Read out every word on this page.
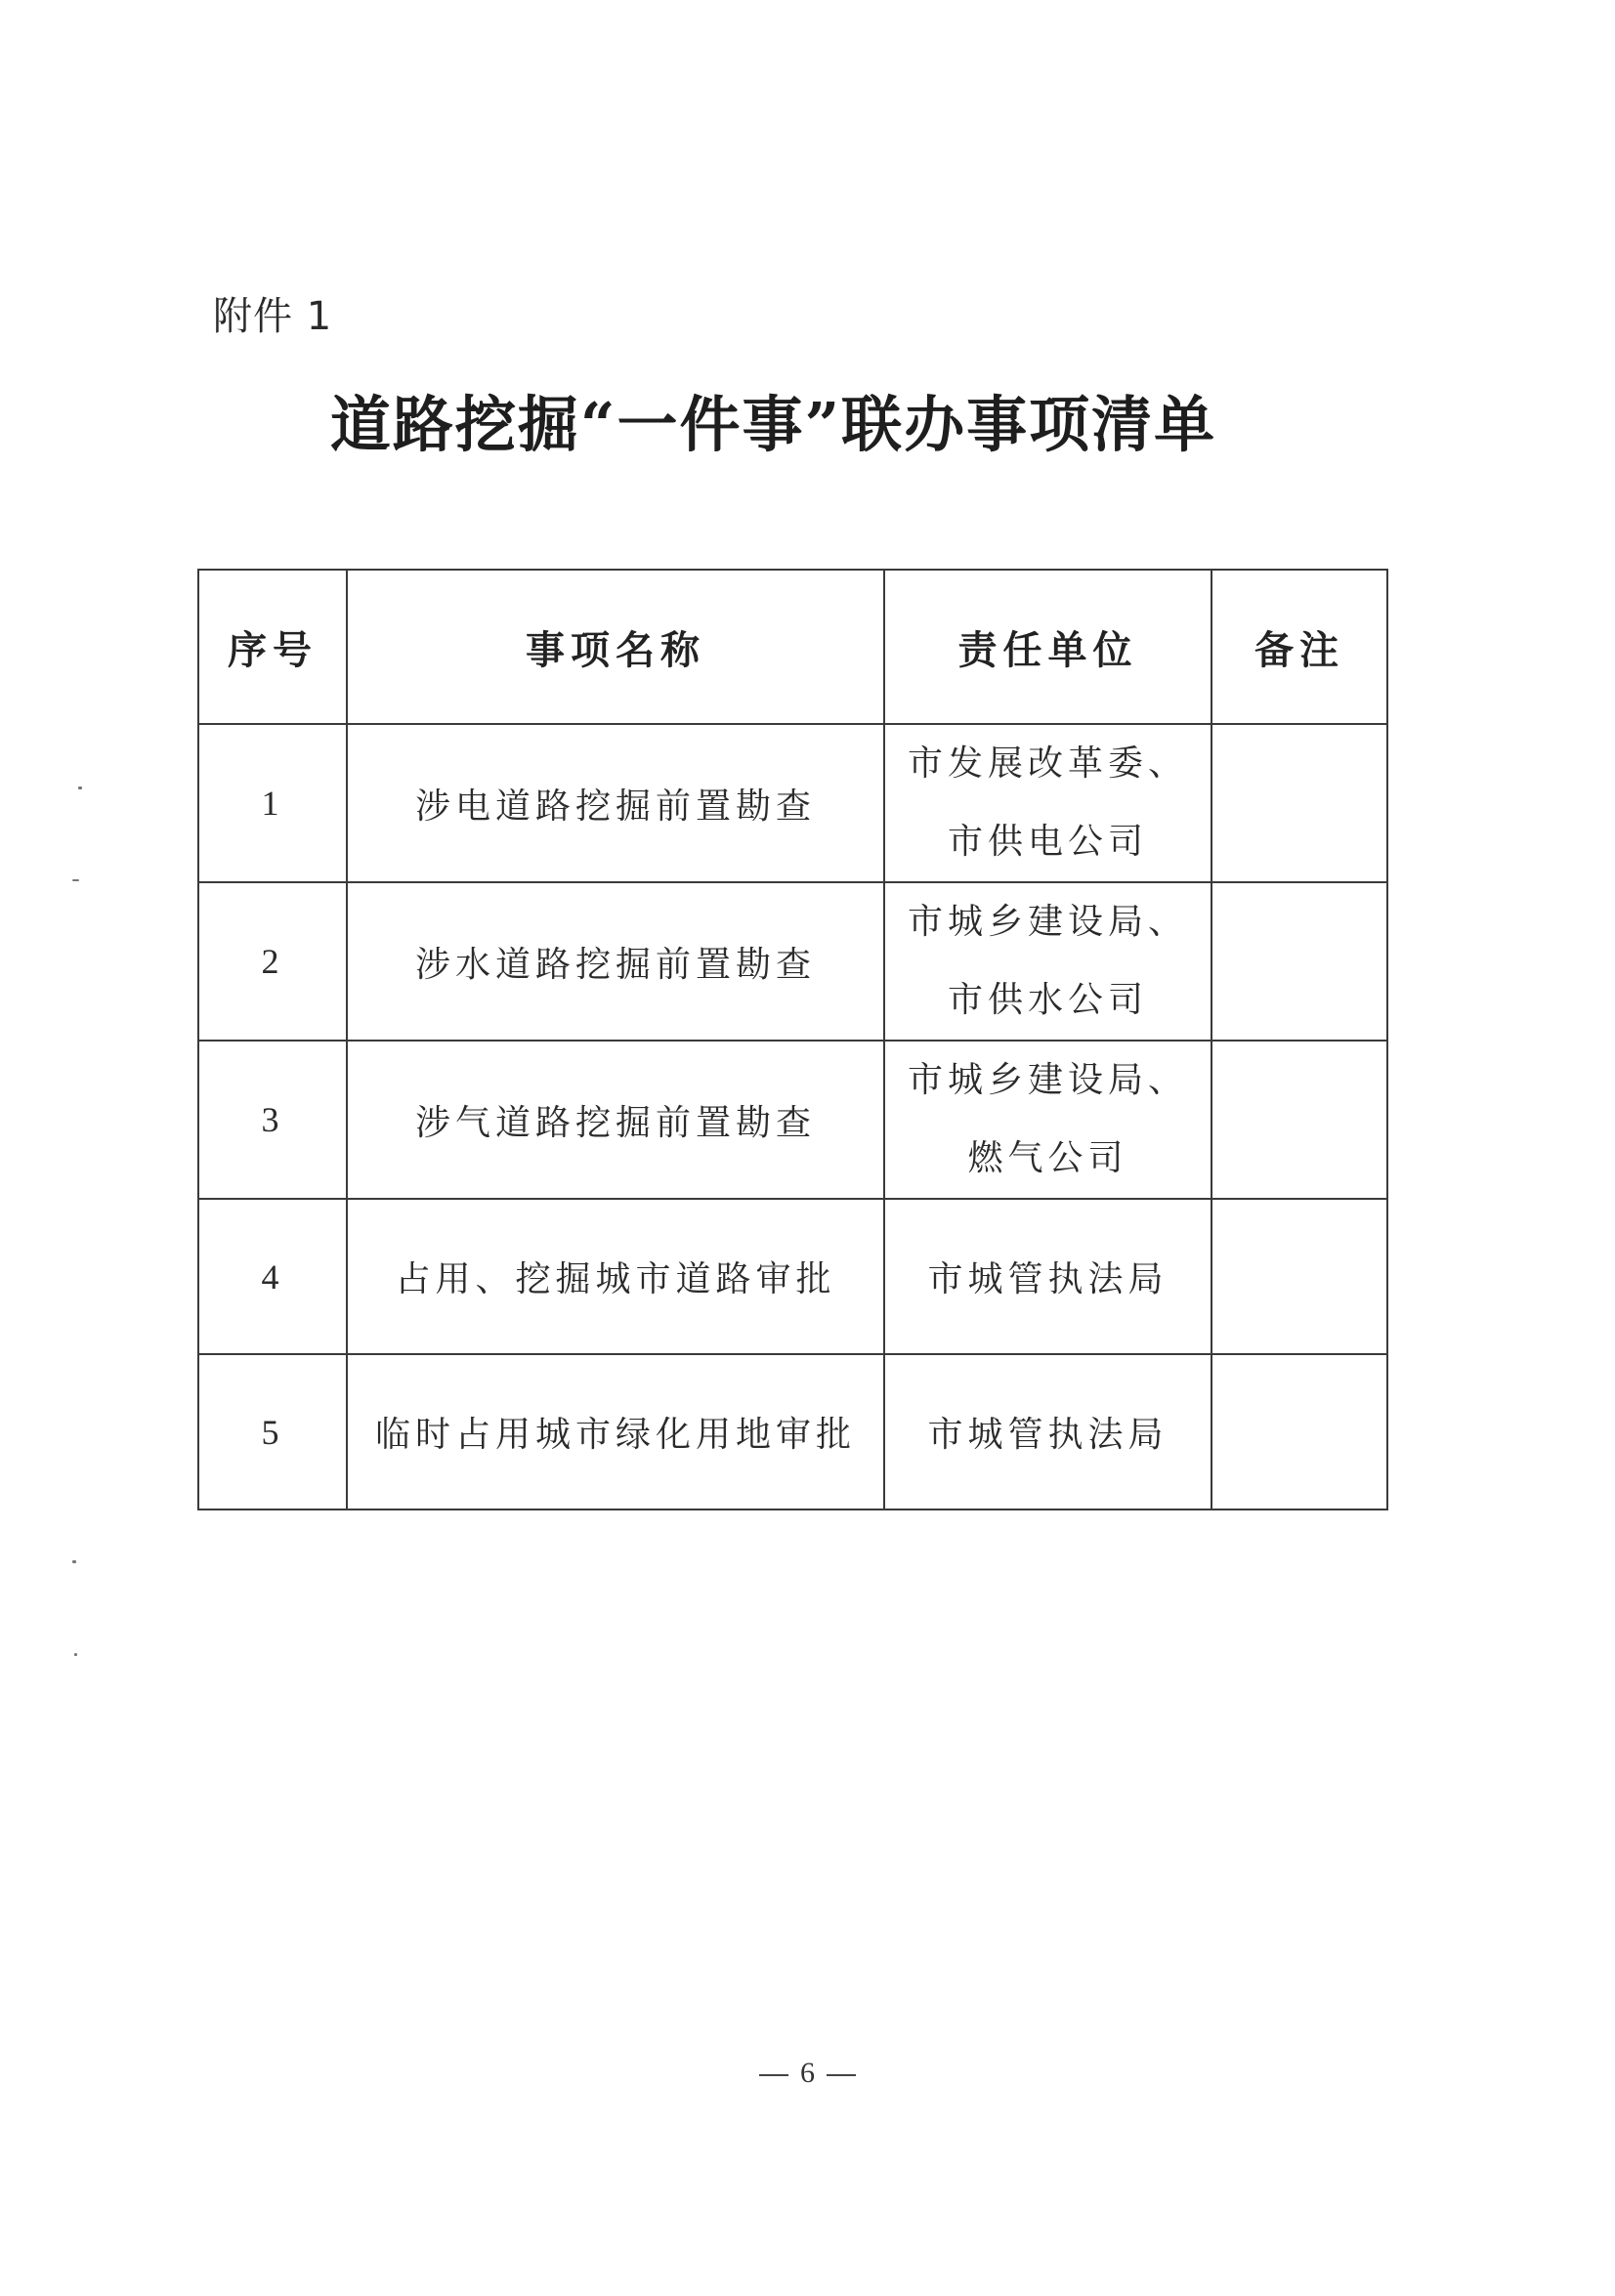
附件 1
道路挖掘“一件事”联办事项清单
序号	事项名称	责任单位	备注
1	涉电道路挖掘前置勘查	市发展改革委、
市供电公司	

2	涉水道路挖掘前置勘查	市城乡建设局、
市供水公司	

3	涉气道路挖掘前置勘查	市城乡建设局、
燃气公司	

4	占用、挖掘城市道路审批	市城管执法局	
5	临时占用城市绿化用地审批	市城管执法局	
6
